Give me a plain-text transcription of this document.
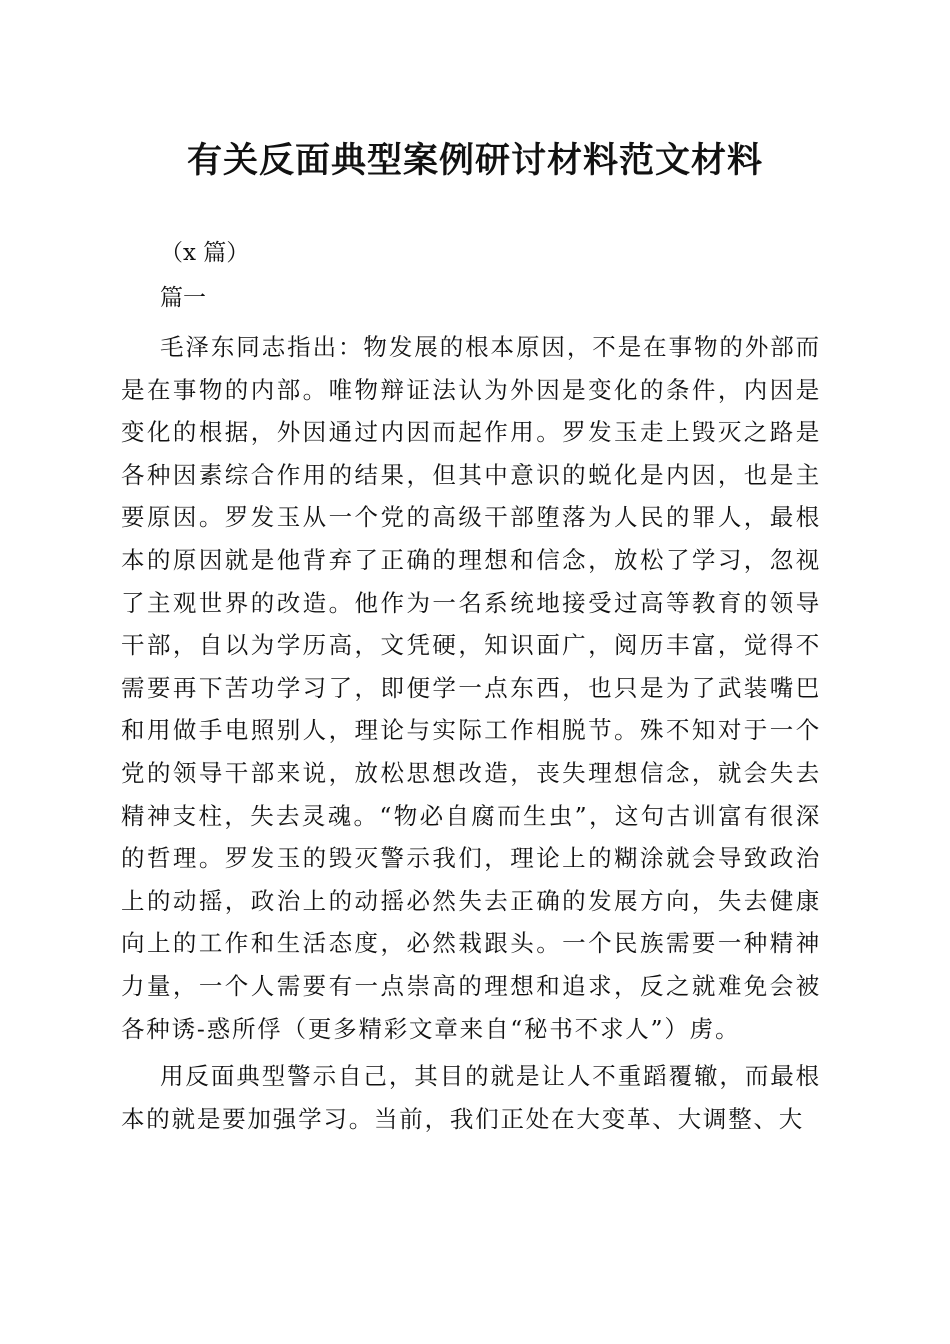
有关反面典型案例研讨材料范文材料

（x 篇）

篇一

毛泽东同志指出：物发展的根本原因，不是在事物的外部而是在事物的内部。唯物辩证法认为外因是变化的条件，内因是变化的根据，外因通过内因而起作用。罗发玉走上毁灭之路是各种因素综合作用的结果，但其中意识的蜕化是内因，也是主要原因。罗发玉从一个党的高级干部堕落为人民的罪人，最根本的原因就是他背弃了正确的理想和信念，放松了学习，忽视了主观世界的改造。他作为一名系统地接受过高等教育的领导干部，自以为学历高，文凭硬，知识面广，阅历丰富，觉得不需要再下苦功学习了，即便学一点东西，也只是为了武装嘴巴和用做手电照别人，理论与实际工作相脱节。殊不知对于一个党的领导干部来说，放松思想改造，丧失理想信念，就会失去精神支柱，失去灵魂。“物必自腐而生虫”，这句古训富有很深的哲理。罗发玉的毁灭警示我们，理论上的糊涂就会导致政治上的动摇，政治上的动摇必然失去正确的发展方向，失去健康向上的工作和生活态度，必然栽跟头。一个民族需要一种精神力量，一个人需要有一点崇高的理想和追求，反之就难免会被各种诱-惑所俘（更多精彩文章来自“秘书不求人”）虏。

用反面典型警示自己，其目的就是让人不重蹈覆辙，而最根本的就是要加强学习。当前，我们正处在大变革、大调整、大
